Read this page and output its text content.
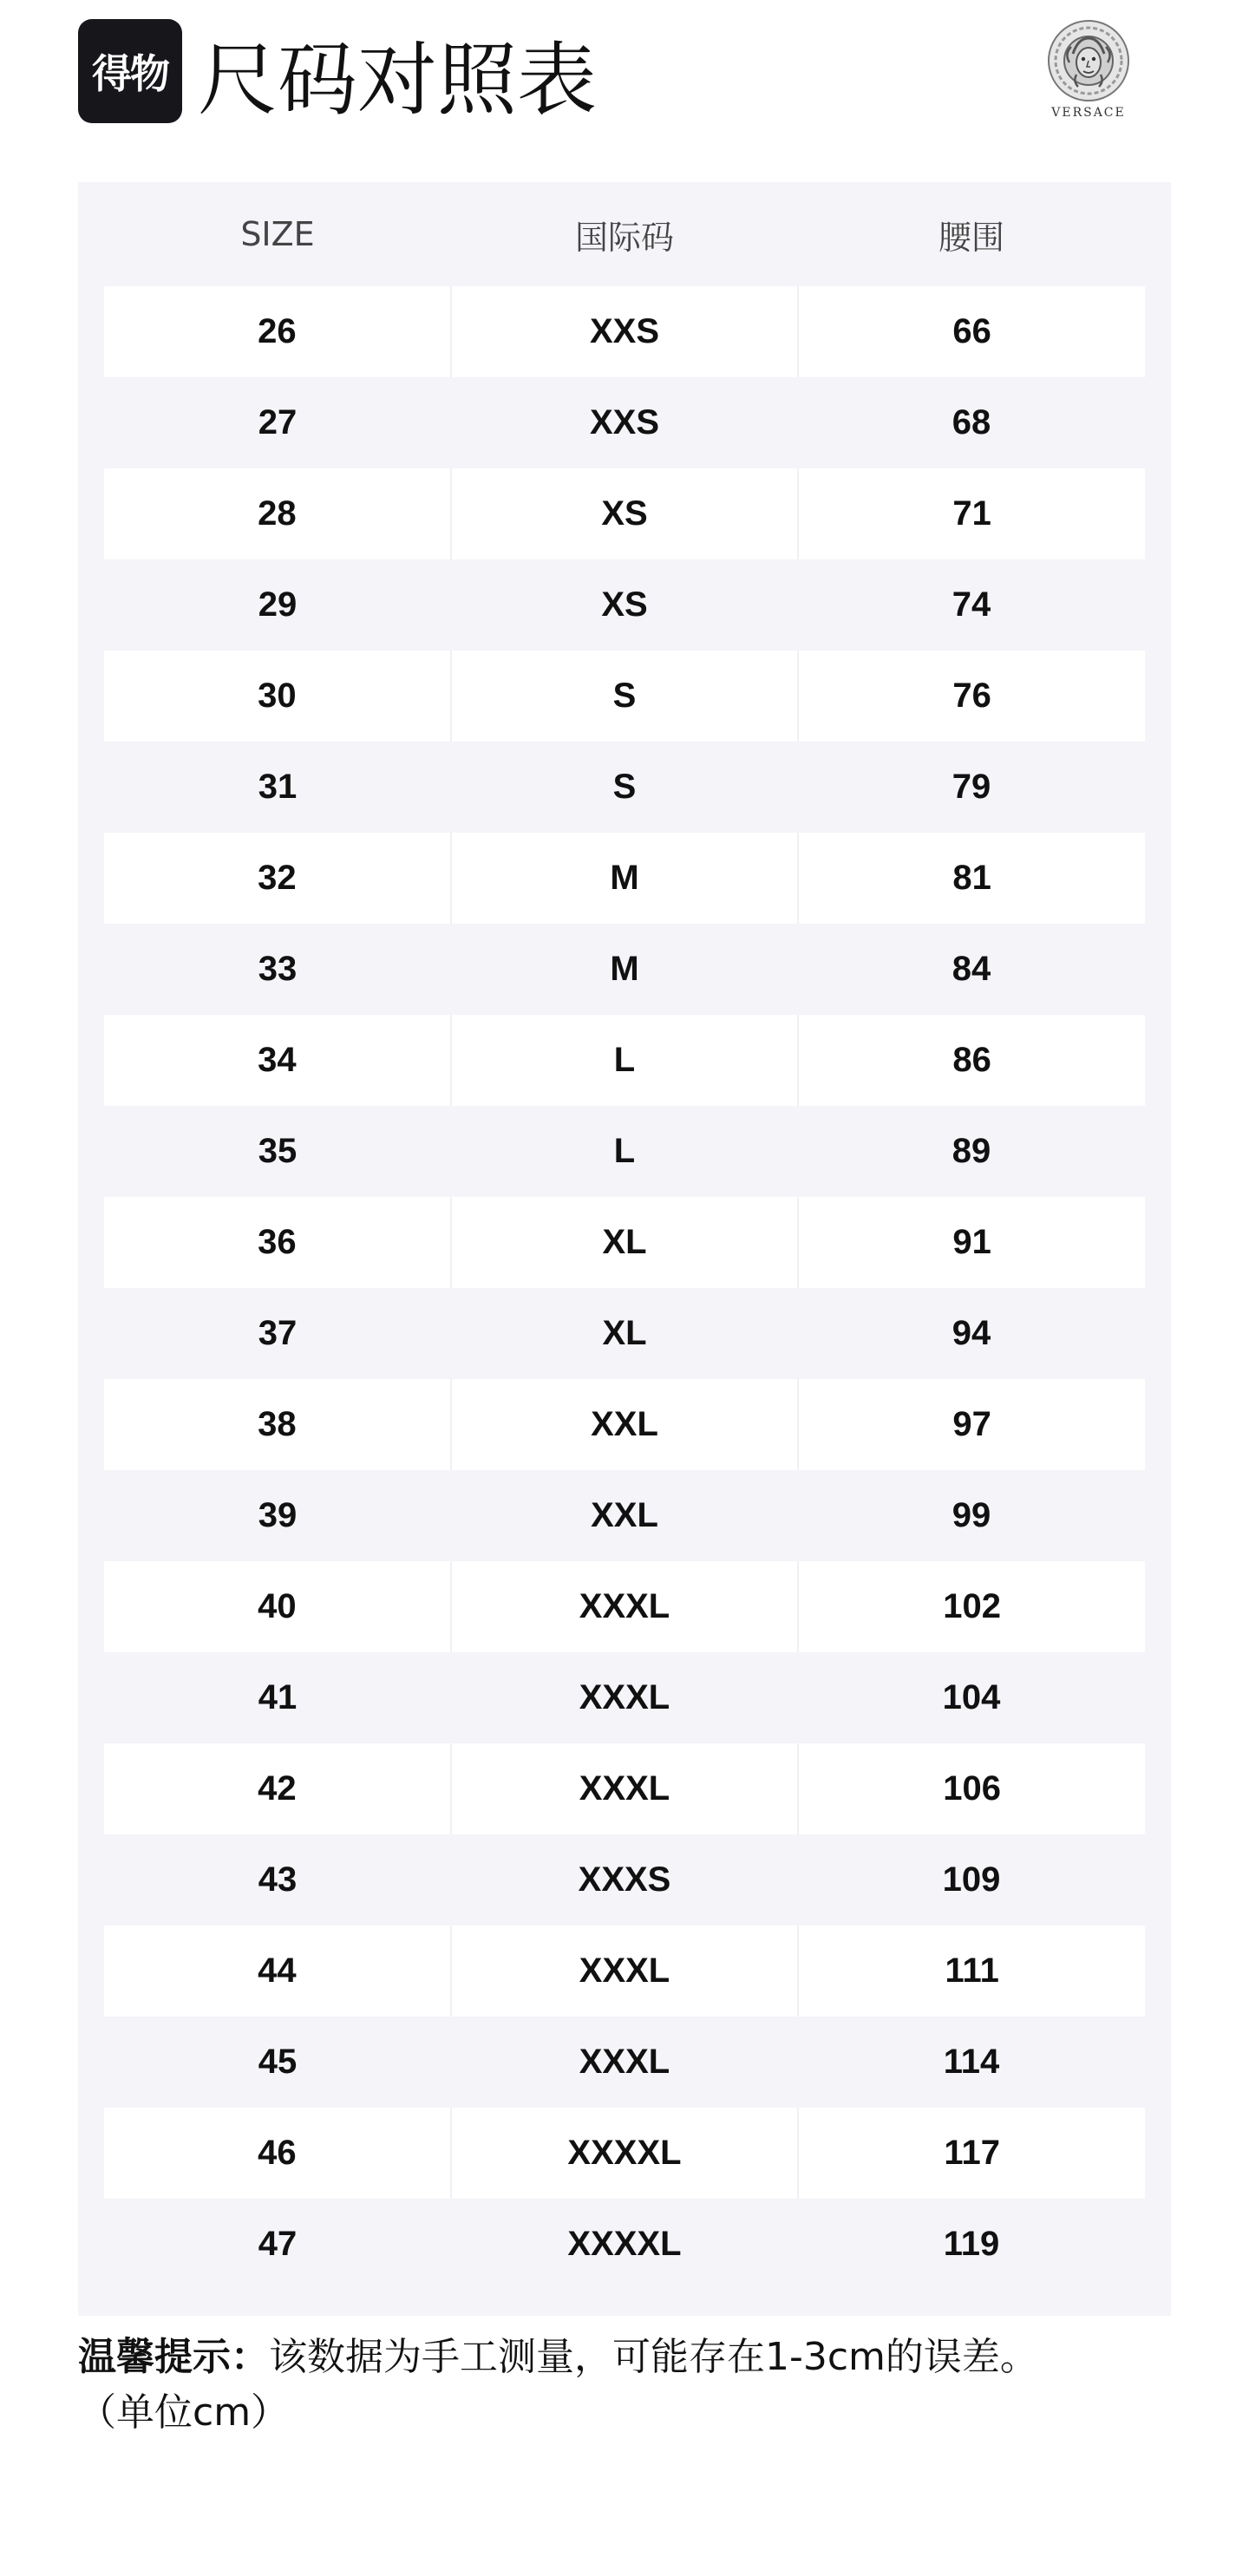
得物 尺码对照表	VERSACE
SIZE	国际码	腰围
26	XXS	66
27	XXS	68
28	XS	71
29	XS	74
30	S	76
31	S	79
32	M	81
33	M	84
34	L	86
35	L	89
36	XL	91
37	XL	94
38	XXL	97
39	XXL	99
40	XXXL	102
41	XXXL	104
42	XXXL	106
43	XXXS	109
44	XXXL	111
45	XXXL	114
46	XXXXL	117
47	XXXXL	119
温馨提示：该数据为手工测量，可能存在1-3cm的误差。
（单位cm）
